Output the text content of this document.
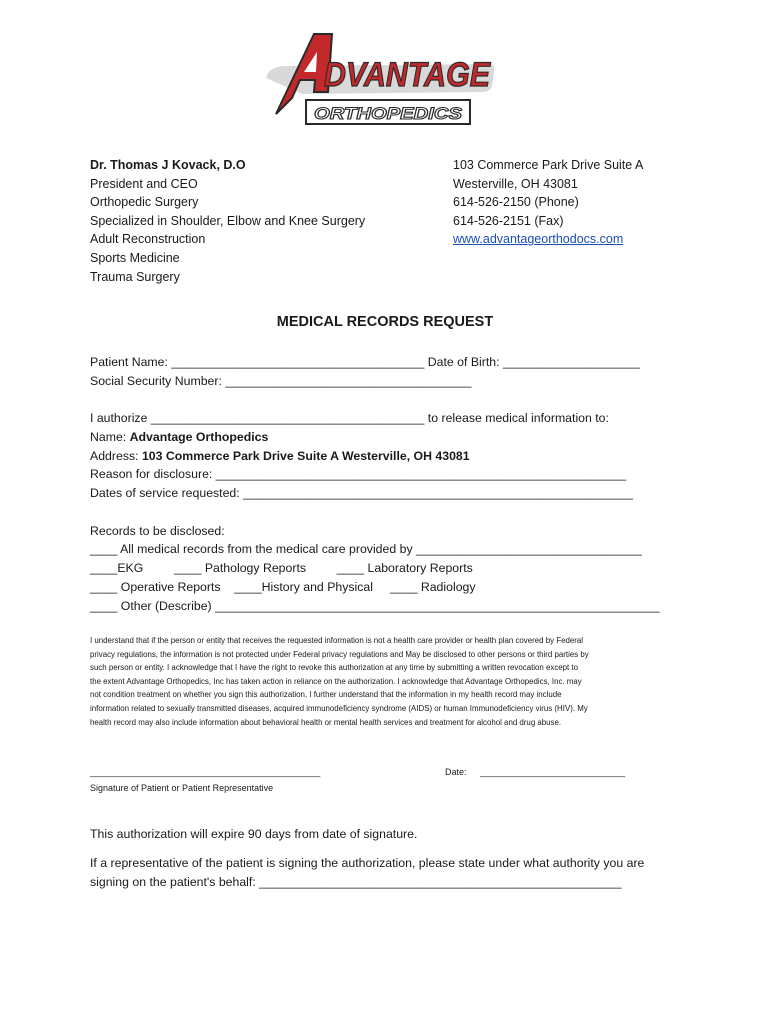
DVANTAGE
ORTHOPEDICS
Dr. Thomas J Kovack, D.O
President and CEO
Orthopedic Surgery
Specialized in Shoulder, Elbow and Knee Surgery
Adult Reconstruction
Sports Medicine
Trauma Surgery
103 Commerce Park Drive Suite A
Westerville, OH 43081
614-526-2150 (Phone)
614-526-2151 (Fax)
www.advantageorthodocs.com
MEDICAL RECORDS REQUEST
Patient Name: _____________________________________ Date of Birth: ____________________
Social Security Number: ____________________________________
I authorize ________________________________________ to release medical information to:
Name: Advantage Orthopedics
Address: 103 Commerce Park Drive Suite A Westerville, OH 43081
Reason for disclosure: ____________________________________________________________
Dates of service requested: _________________________________________________________
Records to be disclosed:
____ All medical records from the medical care provided by _________________________________
____EKG         ____ Pathology Reports         ____ Laboratory Reports
____ Operative Reports    ____History and Physical     ____ Radiology
____ Other (Describe) _________________________________________________________________
I understand that if the person or entity that receives the requested information is not a health care provider or health plan covered by Federal
privacy regulations, the information is not protected under Federal privacy regulations and May be disclosed to other persons or third parties by
such person or entity. I acknowledge that I have the right to revoke this authorization at any time by submitting a written revocation except to
the extent Advantage Orthopedics, Inc has taken action in reliance on the authorization. I acknowledge that Advantage Orthopedics, Inc. may
not condition treatment on whether you sign this authorization, I further understand that the information in my health record may include
information related to sexually transmitted diseases, acquired immunodeficiency syndrome (AIDS) or human Immunodeficiency virus (HIV). My
health record may also include information about behavioral health or mental health services and treatment for alcohol and drug abuse.
______________________________________________
Signature of Patient or Patient Representative
Date: _____________________________
This authorization will expire 90 days from date of signature.
If a representative of the patient is signing the authorization, please state under what authority you are
signing on the patient's behalf: _____________________________________________________
